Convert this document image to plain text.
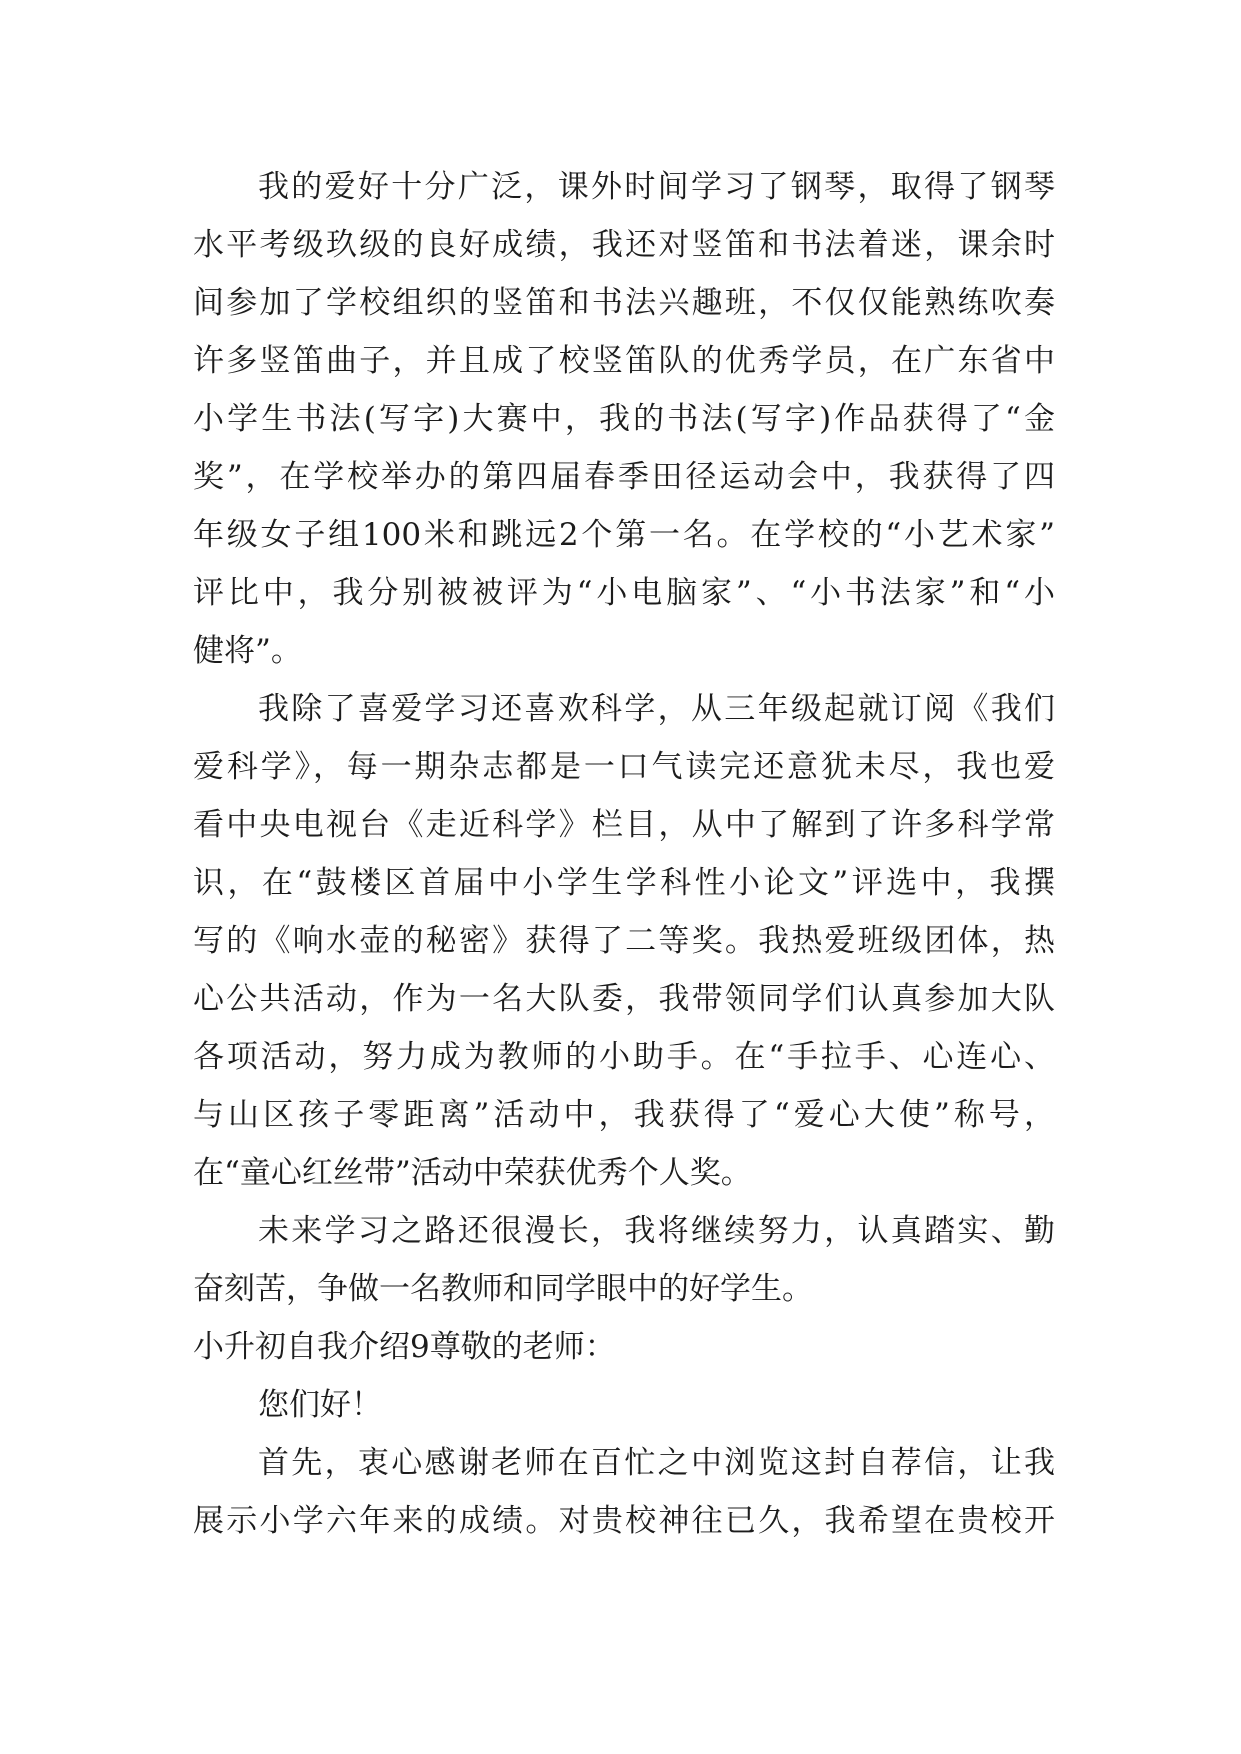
我的爱好十分广泛，课外时间学习了钢琴，取得了钢琴
水平考级玖级的良好成绩，我还对竖笛和书法着迷，课余时
间参加了学校组织的竖笛和书法兴趣班，不仅仅能熟练吹奏
许多竖笛曲子，并且成了校竖笛队的优秀学员，在广东省中
小学生书法(写字)大赛中，我的书法(写字)作品获得了“金
奖”，在学校举办的第四届春季田径运动会中，我获得了四
年级女子组100米和跳远2个第一名。在学校的“小艺术家”
评比中，我分别被被评为“小电脑家”、“小书法家”和“小
健将”。
我除了喜爱学习还喜欢科学，从三年级起就订阅《我们
爱科学》，每一期杂志都是一口气读完还意犹未尽，我也爱
看中央电视台《走近科学》栏目，从中了解到了许多科学常
识，在“鼓楼区首届中小学生学科性小论文”评选中，我撰
写的《响水壶的秘密》获得了二等奖。我热爱班级团体，热
心公共活动，作为一名大队委，我带领同学们认真参加大队
各项活动，努力成为教师的小助手。在“手拉手、心连心、
与山区孩子零距离”活动中，我获得了“爱心大使”称号，
在“童心红丝带”活动中荣获优秀个人奖。
未来学习之路还很漫长，我将继续努力，认真踏实、勤
奋刻苦，争做一名教师和同学眼中的好学生。
小升初自我介绍9尊敬的老师：
您们好！
首先，衷心感谢老师在百忙之中浏览这封自荐信，让我
展示小学六年来的成绩。对贵校神往已久，我希望在贵校开
